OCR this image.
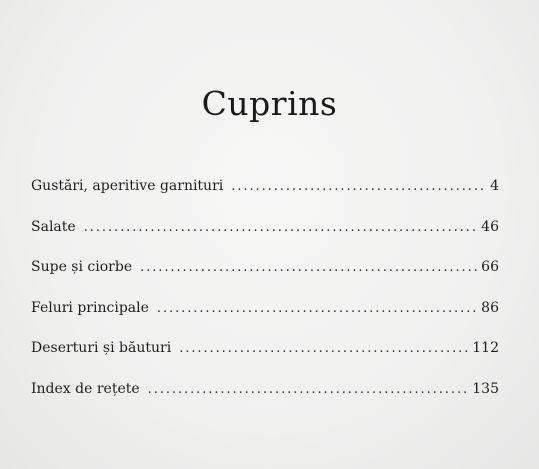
Cuprins
Gustări, aperitive garnituri . . .	4
Salate . . .	46
Supe și ciorbe . . .	66
Feluri principale . . .	86
Deserturi și băuturi . . .	112
Index de rețete . . .	135
